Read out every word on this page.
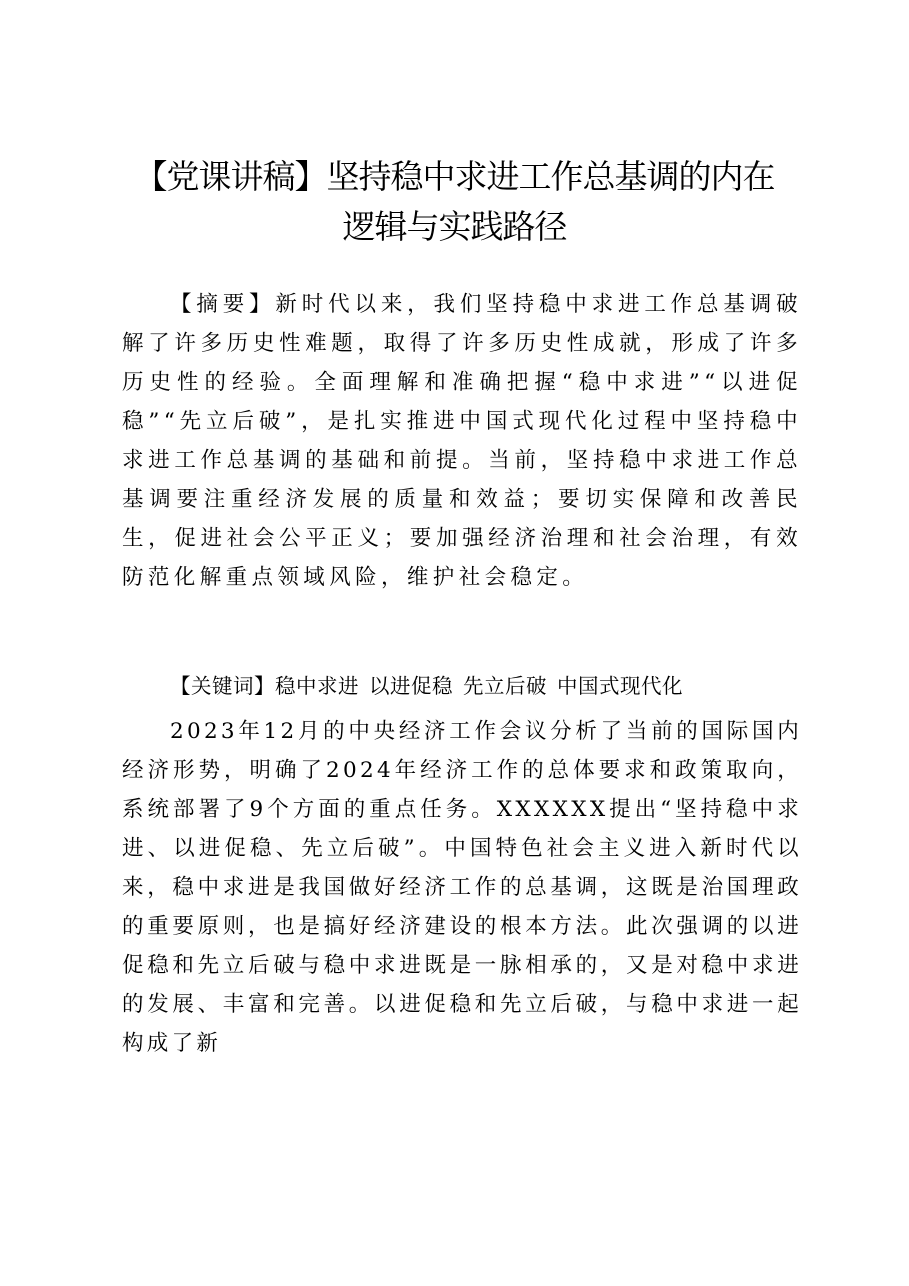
【党课讲稿】坚持稳中求进工作总基调的内在
逻辑与实践路径

【摘要】新时代以来，我们坚持稳中求进工作总基调破解了许多历史性难题，取得了许多历史性成就，形成了许多历史性的经验。全面理解和准确把握“稳中求进”“以进促稳”“先立后破”，是扎实推进中国式现代化过程中坚持稳中求进工作总基调的基础和前提。当前，坚持稳中求进工作总基调要注重经济发展的质量和效益；要切实保障和改善民生，促进社会公平正义；要加强经济治理和社会治理，有效防范化解重点领域风险，维护社会稳定。

【关键词】稳中求进 以进促稳 先立后破 中国式现代化

2023年12月的中央经济工作会议分析了当前的国际国内经济形势，明确了2024年经济工作的总体要求和政策取向，系统部署了9个方面的重点任务。XXXXXX提出“坚持稳中求进、以进促稳、先立后破”。中国特色社会主义进入新时代以来，稳中求进是我国做好经济工作的总基调，这既是治国理政的重要原则，也是搞好经济建设的根本方法。此次强调的以进促稳和先立后破与稳中求进既是一脉相承的，又是对稳中求进的发展、丰富和完善。以进促稳和先立后破，与稳中求进一起构成了新
